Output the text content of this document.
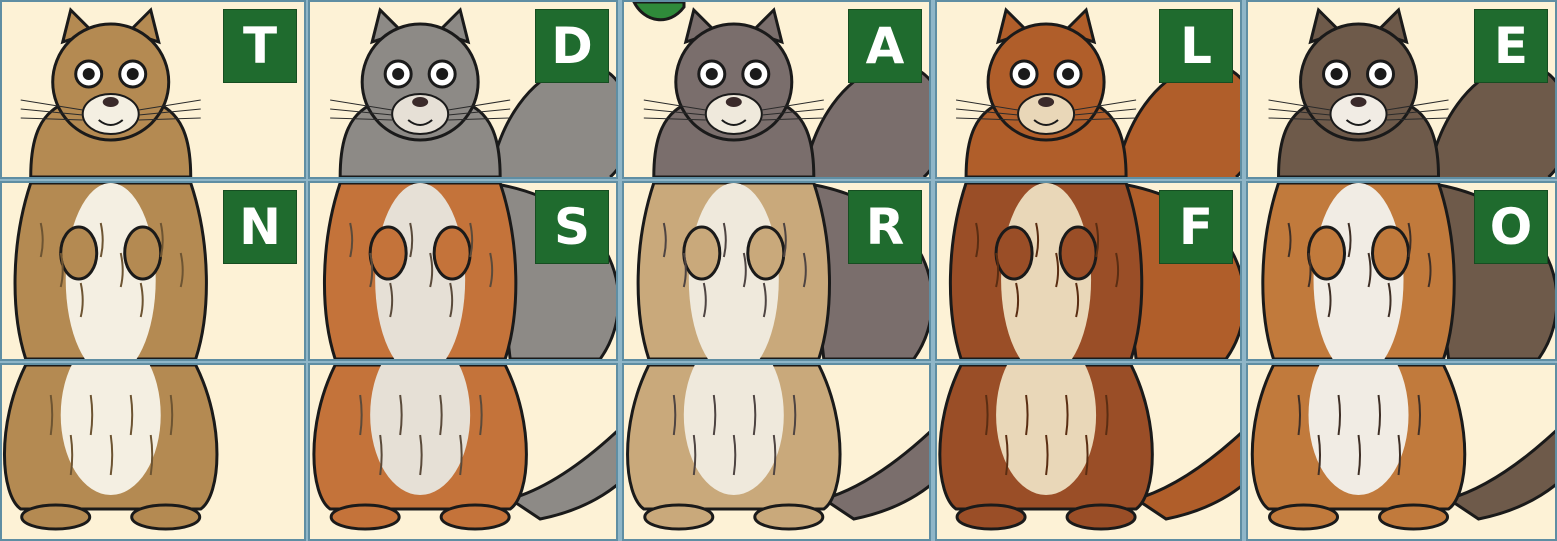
T	D	A	L	E
N	S	R	F	O
